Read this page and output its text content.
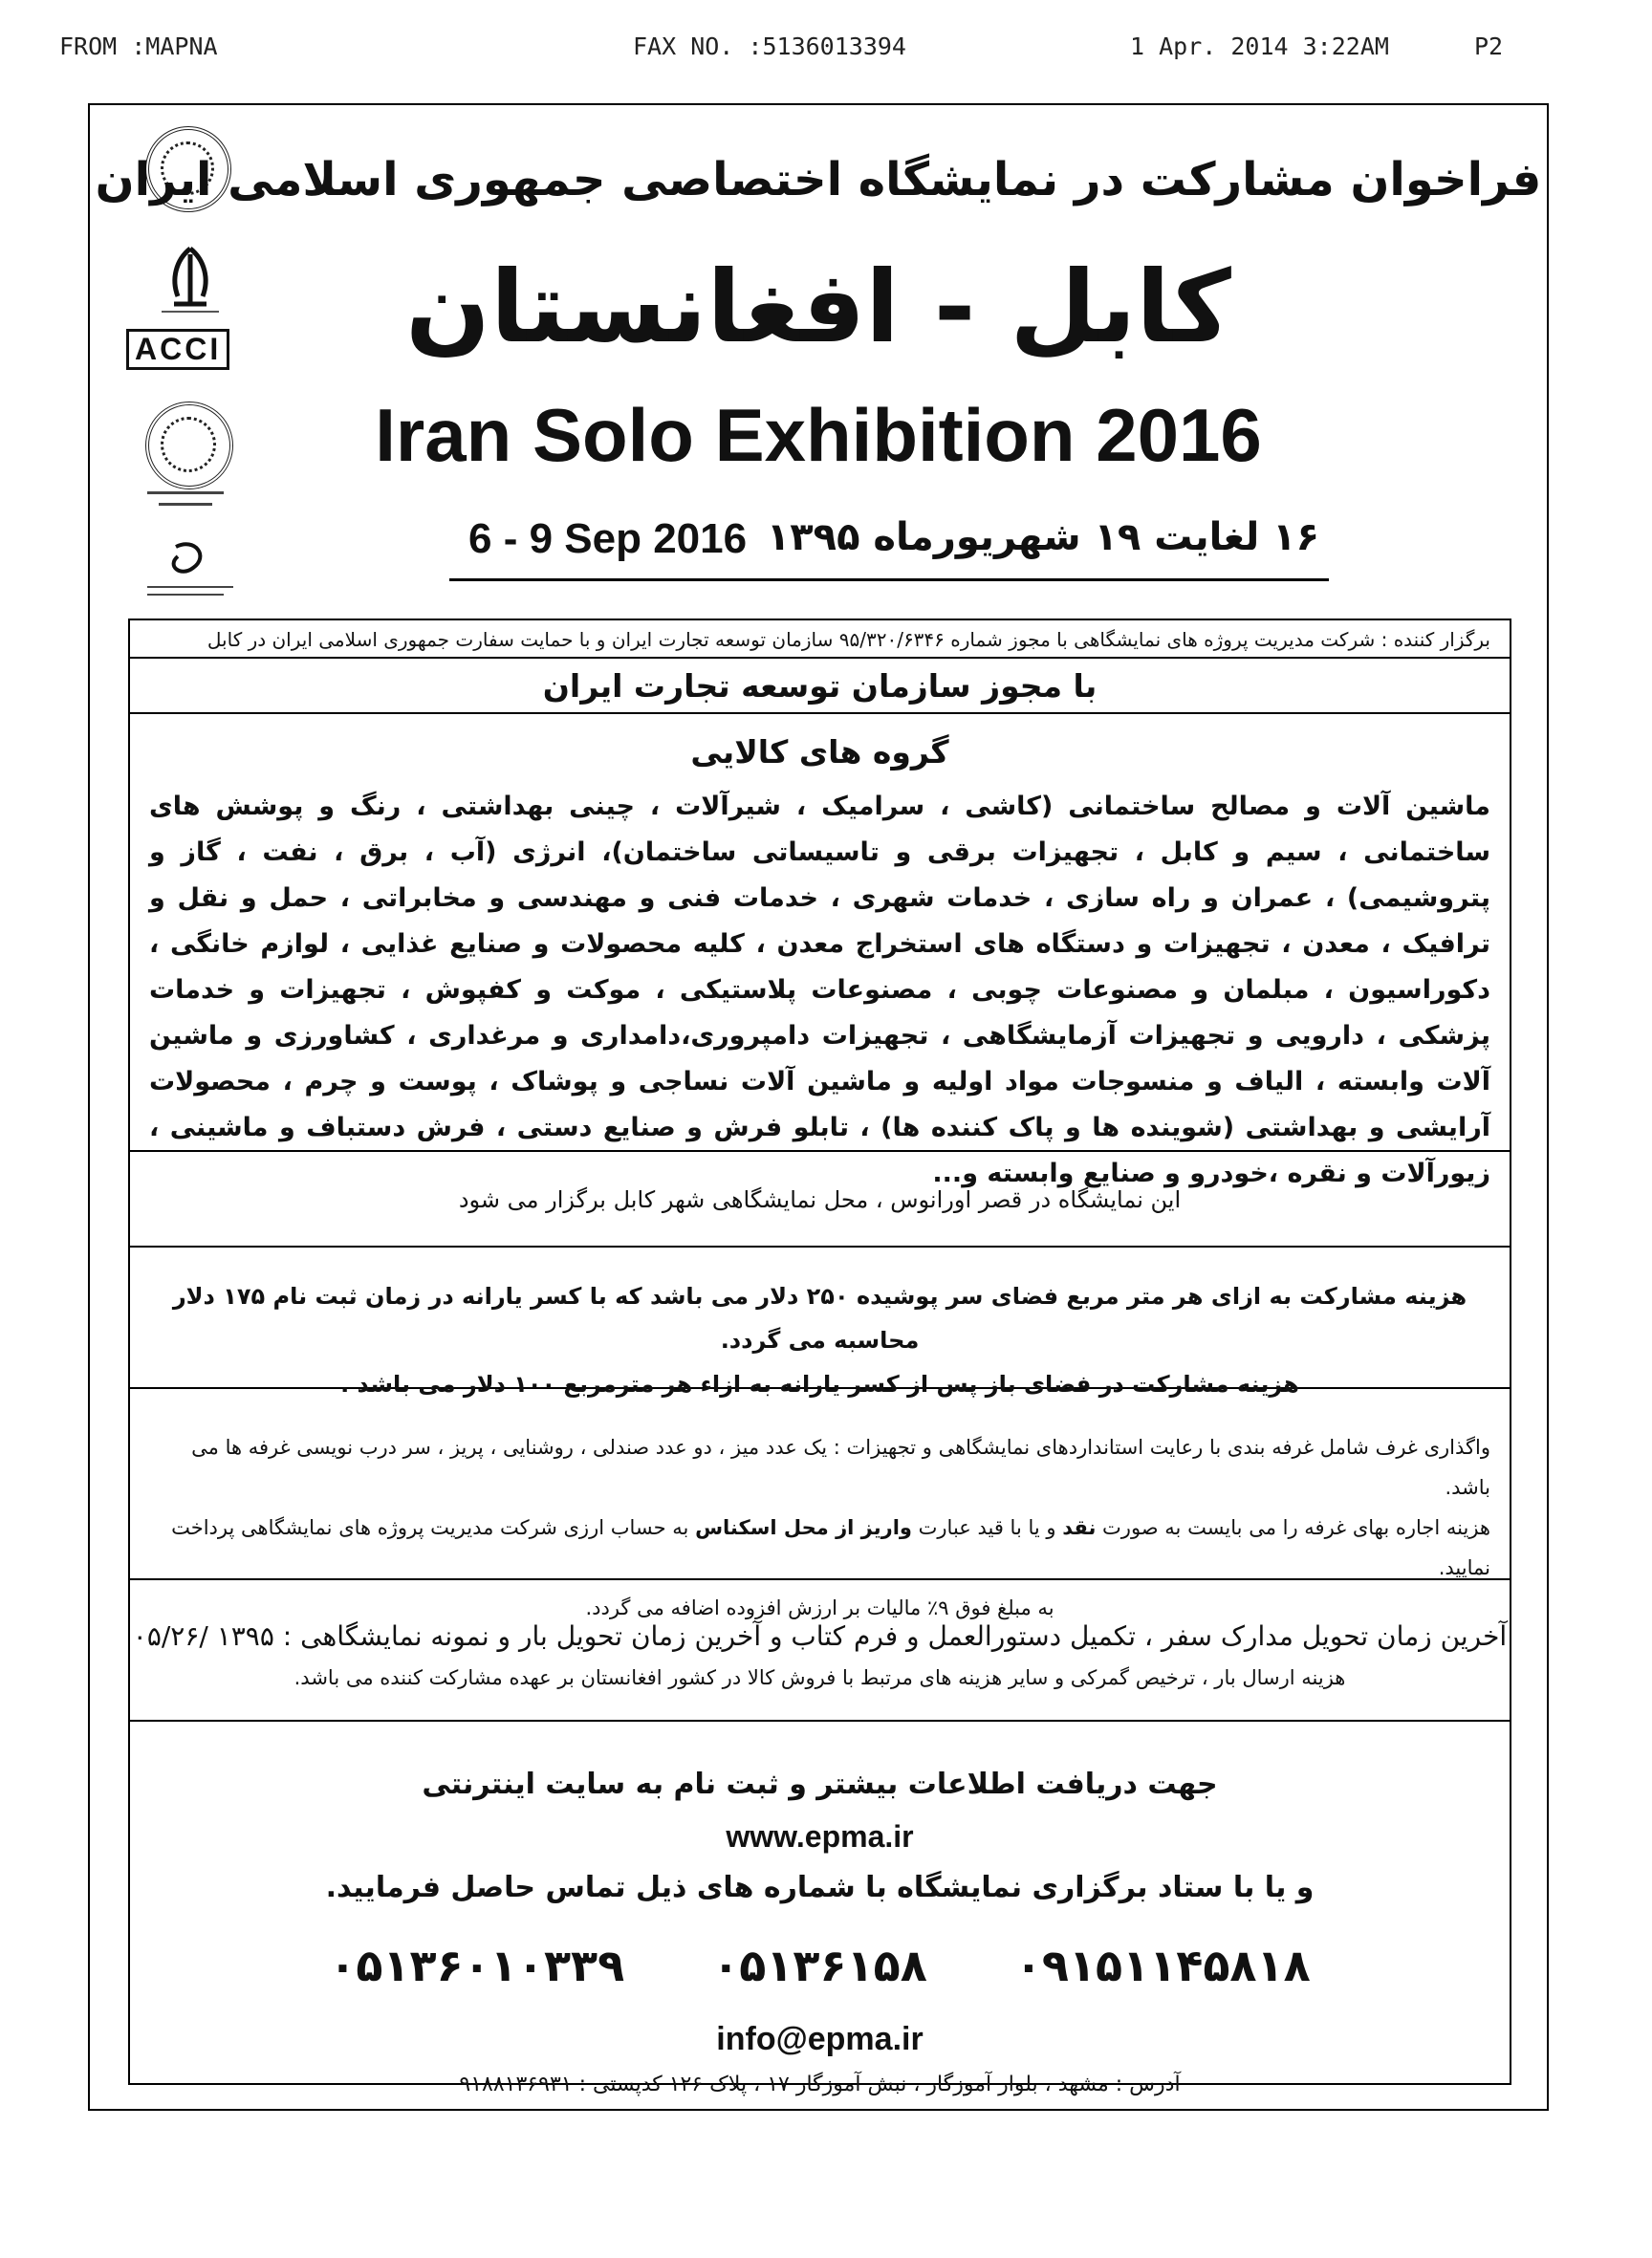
FROM :MAPNA	FAX NO. :5136013394	1 Apr. 2014 3:22AM	P2
ACCI
فراخوان مشارکت در نمایشگاه اختصاصی جمهوری اسلامی ایران
کابل - افغانستان
Iran Solo Exhibition 2016
6 - 9 Sep 2016 ۱۶ لغایت ۱۹ شهریورماه ۱۳۹۵
برگزار کننده : شرکت مدیریت پروژه های نمایشگاهی با مجوز شماره ۹۵/۳۲۰/۶۳۴۶ سازمان توسعه تجارت ایران و با حمایت سفارت جمهوری اسلامی ایران در کابل
با مجوز سازمان توسعه تجارت ایران
گروه های کالایی

ماشین آلات و مصالح ساختمانی (کاشی ، سرامیک ، شیرآلات ، چینی بهداشتی ، رنگ و پوشش های ساختمانی ، سیم و کابل ، تجهیزات برقی و تاسیساتی ساختمان)، انرژی (آب ، برق ، نفت ، گاز و پتروشیمی) ، عمران و راه سازی ، خدمات شهری ، خدمات فنی و مهندسی و مخابراتی ، حمل و نقل و ترافیک ، معدن ، تجهیزات و دستگاه های استخراج معدن ، کلیه محصولات و صنایع غذایی ، لوازم خانگی ، دکوراسیون ، مبلمان و مصنوعات چوبی ، مصنوعات پلاستیکی ، موکت و کفپوش ، تجهیزات و خدمات پزشکی ، دارویی و تجهیزات آزمایشگاهی ، تجهیزات دامپروری،دامداری و مرغداری ، کشاورزی و ماشین آلات وابسته ، الیاف و منسوجات مواد اولیه و ماشین آلات نساجی و پوشاک ، پوست و چرم ، محصولات آرایشی و بهداشتی (شوینده ها و پاک کننده ها) ، تابلو فرش و صنایع دستی ، فرش دستباف و ماشینی ، زیورآلات و نقره ،خودرو و صنایع وابسته و...

این نمایشگاه در قصر اورانوس ، محل نمایشگاهی شهر کابل برگزار می شود
هزینه مشارکت به ازای هر متر مربع فضای سر پوشیده ۲۵۰ دلار می باشد که با کسر یارانه در زمان ثبت نام ۱۷۵ دلار محاسبه می گردد.
هزینه مشارکت در فضای باز پس از کسر یارانه به ازاء هر مترمربع ۱۰۰ دلار می باشد .
واگذاری غرف شامل غرفه بندی با رعایت استانداردهای نمایشگاهی و تجهیزات : یک عدد میز ، دو عدد صندلی ، روشنایی ، پریز ، سر درب نویسی غرفه ها می باشد.
هزینه اجاره بهای غرفه را می بایست به صورت نقد و یا با قید عبارت واریز از محل اسکناس به حساب ارزی شرکت مدیریت پروژه های نمایشگاهی پرداخت نمایید.
به مبلغ فوق ۹٪ مالیات بر ارزش افزوده اضافه می گردد.
آخرین زمان تحویل مدارک سفر ، تکمیل دستورالعمل و فرم کتاب و آخرین زمان تحویل بار و نمونه نمایشگاهی : ۱۳۹۵ /۰۵/۲۶
هزینه ارسال بار ، ترخیص گمرکی و سایر هزینه های مرتبط با فروش کالا در کشور افغانستان بر عهده مشارکت کننده می باشد.
جهت دریافت اطلاعات بیشتر و ثبت نام به سایت اینترنتی
www.epma.ir
و یا با ستاد برگزاری نمایشگاه با شماره های ذیل تماس حاصل فرمایید.
۰۵۱۳۶۰۱۰۳۳۹ ۰۵۱۳۶۱۵۸ ۰۹۱۵۱۱۴۵۸۱۸
info@epma.ir
آدرس : مشهد ، بلوار آموزگار ، نبش آموزگار ۱۷ ، پلاک ۱۲۶ کدپستی : ۹۱۸۸۱۳۶۹۳۱
